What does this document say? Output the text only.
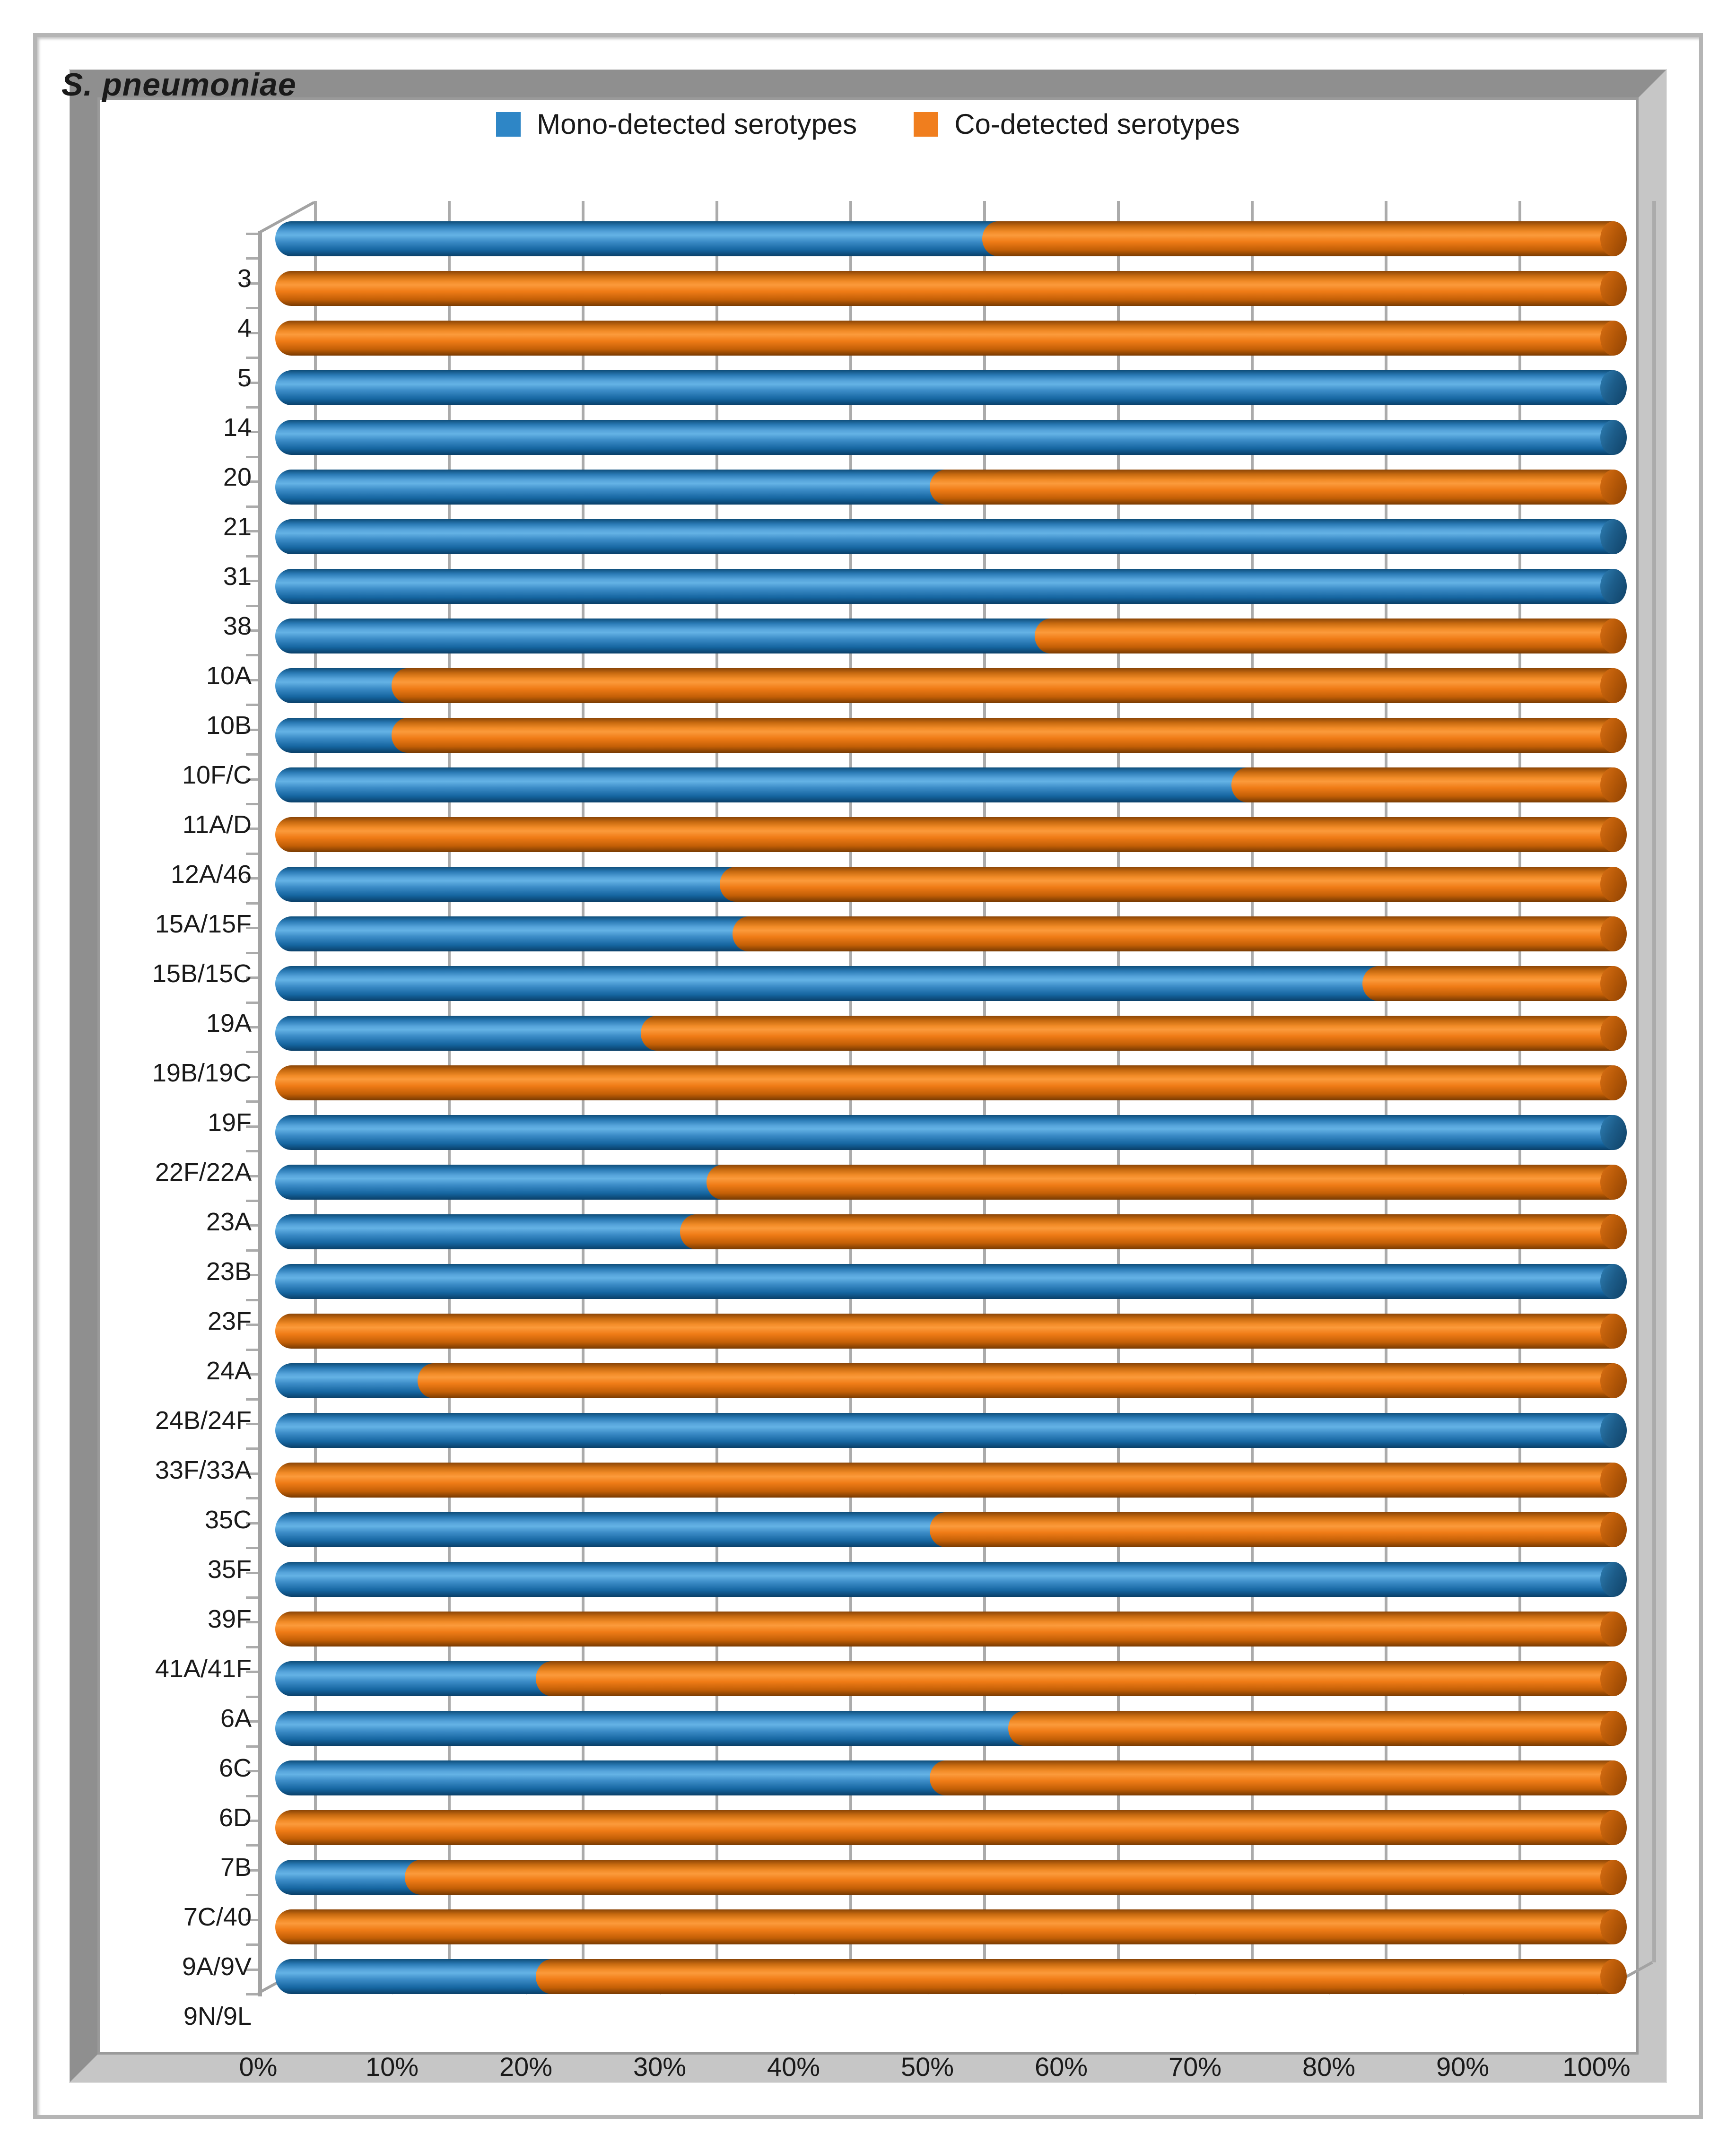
S. pneumoniae
Mono-detected serotypes	Co-detected serotypes
3
4
5
14
20
21
31
38
10A
10B
10F/C
11A/D
12A/46
15A/15F
15B/15C
19A
19B/19C
19F
22F/22A
23A
23B
23F
24A
24B/24F
33F/33A
35C
35F
39F
41A/41F
6A
6C
6D
7B
7C/40
9A/9V
9N/9L
0%	10%	20%	30%	40%	50%	60%	70%	80%	90%	100%
